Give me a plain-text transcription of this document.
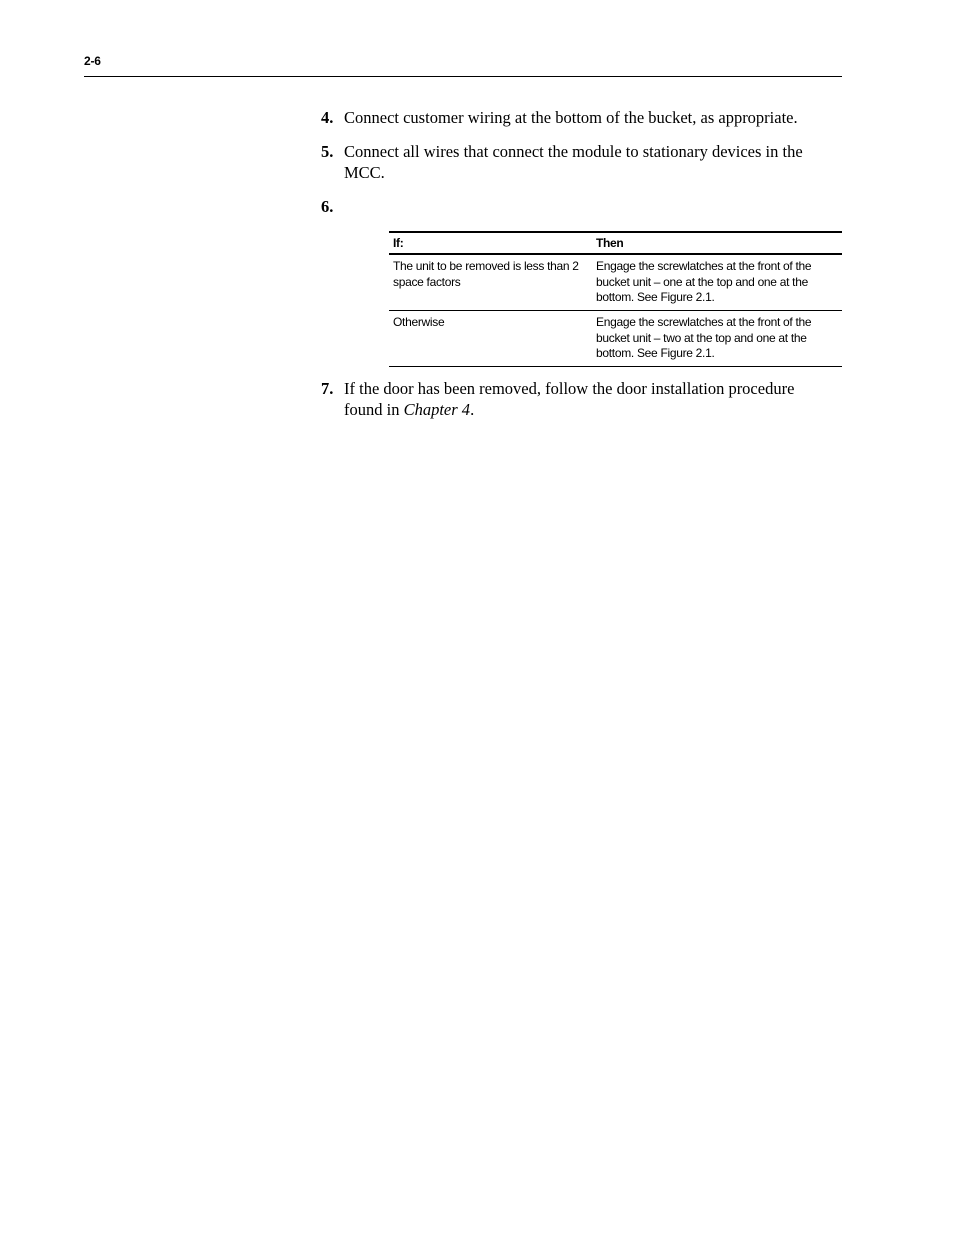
2-6
4. Connect customer wiring at the bottom of the bucket, as appropriate.
5. Connect all wires that connect the module to stationary devices in the MCC.
6.
If:	Then
The unit to be removed is less than 2 space factors
Engage the screwlatches at the front of the bucket unit – one at the top and one at the bottom. See Figure 2.1.
Otherwise	Engage the screwlatches at the front of the bucket unit – two at the top and one at the bottom. See Figure 2.1.
7. If the door has been removed, follow the door installation procedure found in Chapter 4.
